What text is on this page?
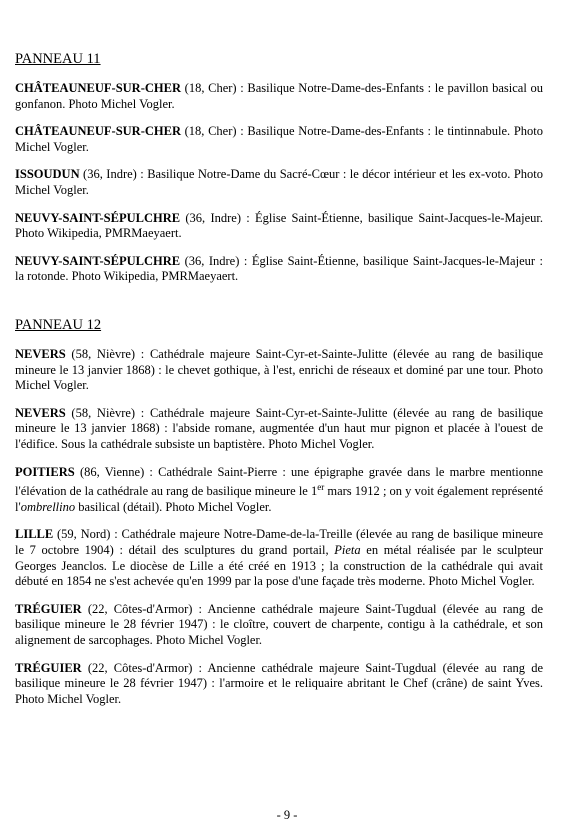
PANNEAU 11

CHÂTEAUNEUF-SUR-CHER (18, Cher) : Basilique Notre-Dame-des-Enfants : le pavillon basical ou gonfanon. Photo Michel Vogler.

CHÂTEAUNEUF-SUR-CHER (18, Cher) : Basilique Notre-Dame-des-Enfants : le tintinnabule. Photo Michel Vogler.

ISSOUDUN (36, Indre) : Basilique Notre-Dame du Sacré-Cœur : le décor intérieur et les ex-voto. Photo Michel Vogler.

NEUVY-SAINT-SÉPULCHRE (36, Indre) : Église Saint-Étienne, basilique Saint-Jacques-le-Majeur. Photo Wikipedia, PMRMaeyaert.

NEUVY-SAINT-SÉPULCHRE (36, Indre) : Église Saint-Étienne, basilique Saint-Jacques-le-Majeur : la rotonde. Photo Wikipedia, PMRMaeyaert.

PANNEAU 12

NEVERS (58, Nièvre) : Cathédrale majeure Saint-Cyr-et-Sainte-Julitte (élevée au rang de basilique mineure le 13 janvier 1868) : le chevet gothique, à l'est, enrichi de réseaux et dominé par une tour. Photo Michel Vogler.

NEVERS (58, Nièvre) : Cathédrale majeure Saint-Cyr-et-Sainte-Julitte (élevée au rang de basilique mineure le 13 janvier 1868) : l'abside romane, augmentée d'un haut mur pignon et placée à l'ouest de l'édifice. Sous la cathédrale subsiste un baptistère. Photo Michel Vogler.

POITIERS (86, Vienne) : Cathédrale Saint-Pierre : une épigraphe gravée dans le marbre mentionne l'élévation de la cathédrale au rang de basilique mineure le 1er mars 1912 ; on y voit également représenté l'ombrellino basilical (détail). Photo Michel Vogler.

LILLE (59, Nord) : Cathédrale majeure Notre-Dame-de-la-Treille (élevée au rang de basilique mineure le 7 octobre 1904) : détail des sculptures du grand portail, Pieta en métal réalisée par le sculpteur Georges Jeanclos. Le diocèse de Lille a été créé en 1913 ; la construction de la cathédrale qui avait débuté en 1854 ne s'est achevée qu'en 1999 par la pose d'une façade très moderne. Photo Michel Vogler.

TRÉGUIER (22, Côtes-d'Armor) : Ancienne cathédrale majeure Saint-Tugdual (élevée au rang de basilique mineure le 28 février 1947) : le cloître, couvert de charpente, contigu à la cathédrale, et son alignement de sarcophages. Photo Michel Vogler.

TRÉGUIER (22, Côtes-d'Armor) : Ancienne cathédrale majeure Saint-Tugdual (élevée au rang de basilique mineure le 28 février 1947) : l'armoire et le reliquaire abritant le Chef (crâne) de saint Yves. Photo Michel Vogler.

- 9 -
